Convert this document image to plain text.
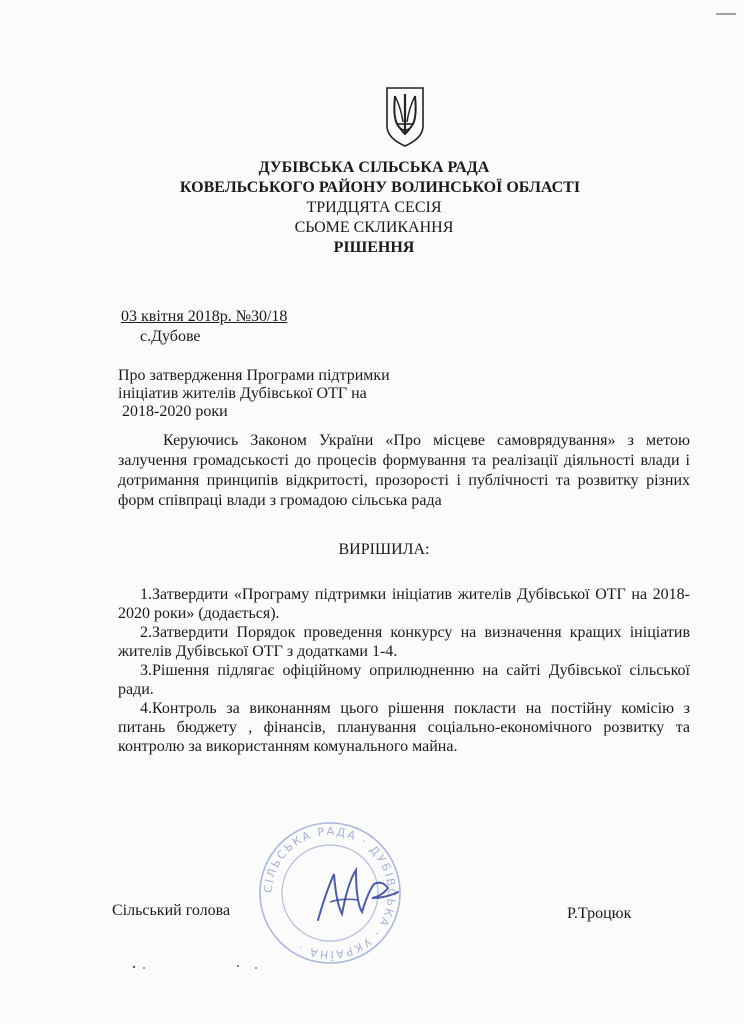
ДУБІВСЬКА СІЛЬСЬКА РАДА
КОВЕЛЬСЬКОГО РАЙОНУ ВОЛИНСЬКОЇ ОБЛАСТІ
ТРИДЦЯТА СЕСІЯ
СЬОМЕ СКЛИКАННЯ
РІШЕННЯ
03 квітня 2018р. №30/18
с.Дубове
Про затвердження Програми підтримки
ініціатив жителів Дубівської ОТГ на
2018-2020 роки
Керуючись Законом України «Про місцеве самоврядування» з метою залучення громадськості до процесів формування та реалізації діяльності влади і дотримання принципів відкритості, прозорості і публічності та розвитку різних форм співпраці влади з громадою сільська рада
ВИРІШИЛА:
1.Затвердити «Програму підтримки ініціатив жителів Дубівської ОТГ на 2018-2020 роки» (додається).
2.Затвердити Порядок проведення конкурсу на визначення кращих ініціатив жителів Дубівської ОТГ з додатками 1-4.
3.Рішення підлягає офіційному оприлюдненню на сайті Дубівської сільської ради.
4.Контроль за виконанням цього рішення покласти на постійну комісію з питань бюджету , фінансів, планування соціально-економічного розвитку та контролю за використанням комунального майна.
СІЛЬСЬКА РАДА · ДУБІВСЬКА · УКРАЇНА ·
Сільський голова	Р.Троцюк
